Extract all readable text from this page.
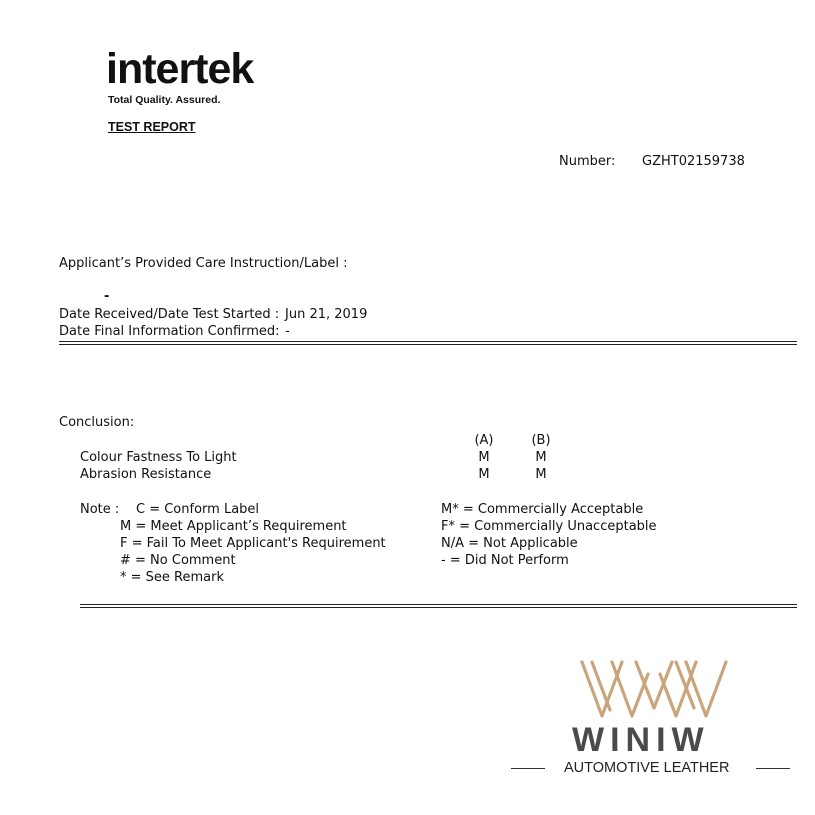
intertek
Total Quality. Assured.
TEST REPORT
Number: GZHT02159738
Applicant’s Provided Care Instruction/Label :
-
Date Received/Date Test Started : Jun 21, 2019
Date Final Information Confirmed: -
Conclusion:
(A)	(B)
Colour Fastness To Light	M	M
Abrasion Resistance	M	M
Note : C = Conform Label
M = Meet Applicant’s Requirement
F = Fail To Meet Applicant's Requirement
# = No Comment
* = See Remark
M* = Commercially Acceptable
F* = Commercially Unacceptable
N/A = Not Applicable
- = Did Not Perform
WINIW
AUTOMOTIVE LEATHER
